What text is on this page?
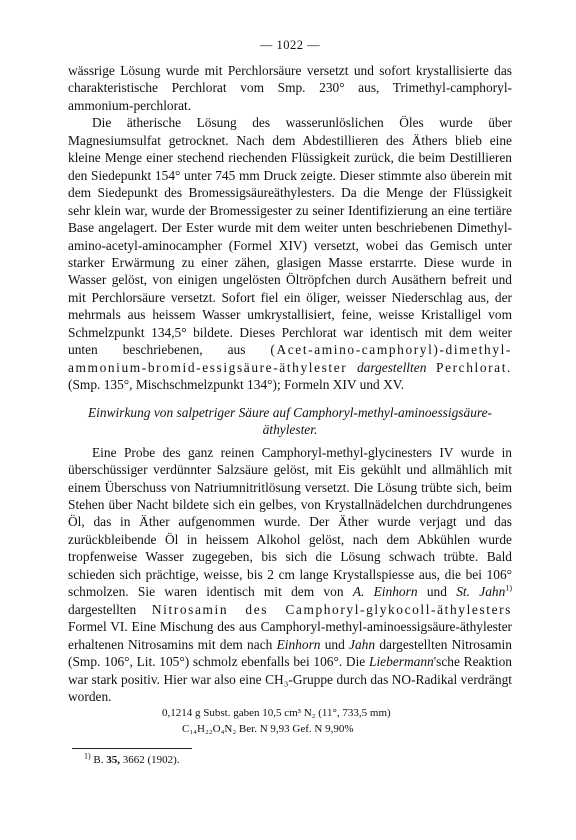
— 1022 —

wässrige Lösung wurde mit Perchlorsäure versetzt und sofort krystallisierte das charakteristische Perchlorat vom Smp. 230° aus, Trimethyl-camphoryl-ammonium-perchlorat.

Die ätherische Lösung des wasserunlöslichen Öles wurde über Magnesiumsulfat getrocknet. Nach dem Abdestillieren des Äthers blieb eine kleine Menge einer stechend riechenden Flüssigkeit zurück, die beim Destillieren den Siedepunkt 154° unter 745 mm Druck zeigte. Dieser stimmte also überein mit dem Siedepunkt des Bromessigsäureäthylesters. Da die Menge der Flüssigkeit sehr klein war, wurde der Bromessigester zu seiner Identifizierung an eine tertiäre Base angelagert. Der Ester wurde mit dem weiter unten beschriebenen Dimethyl-amino-acetyl-aminocampher (Formel XIV) versetzt, wobei das Gemisch unter starker Erwärmung zu einer zähen, glasigen Masse erstarrte. Diese wurde in Wasser gelöst, von einigen ungelösten Öltröpfchen durch Ausäthern befreit und mit Perchlorsäure versetzt. Sofort fiel ein öliger, weisser Niederschlag aus, der mehrmals aus heissem Wasser umkrystallisiert, feine, weisse Kristalligel vom Schmelzpunkt 134,5° bildete. Dieses Perchlorat war identisch mit dem weiter unten beschriebenen, aus (Acet-amino-camphoryl)-dimethyl-ammonium-bromid-essigsäure-äthylester dargestellten Perchlorat. (Smp. 135°, Mischschmelzpunkt 134°); Formeln XIV und XV.

Einwirkung von salpetriger Säure auf Camphoryl-methyl-aminoessigsäure-äthylester.

Eine Probe des ganz reinen Camphoryl-methyl-glycinesters IV wurde in überschüssiger verdünnter Salzsäure gelöst, mit Eis gekühlt und allmählich mit einem Überschuss von Natriumnitritlösung versetzt. Die Lösung trübte sich, beim Stehen über Nacht bildete sich ein gelbes, von Krystallnädelchen durchdrungenes Öl, das in Äther aufgenommen wurde. Der Äther wurde verjagt und das zurückbleibende Öl in heissem Alkohol gelöst, nach dem Abkühlen wurde tropfenweise Wasser zugegeben, bis sich die Lösung schwach trübte. Bald schieden sich prächtige, weisse, bis 2 cm lange Krystallspiesse aus, die bei 106° schmolzen. Sie waren identisch mit dem von A. Einhorn und St. Jahn$^{1)}$ dargestellten Nitrosamin des Camphoryl-glykocoll-äthylesters Formel VI. Eine Mischung des aus Camphoryl-methyl-aminoessigsäure-äthylester erhaltenen Nitrosamins mit dem nach Einhorn und Jahn dargestellten Nitrosamin (Smp. 106°, Lit. 105°) schmolz ebenfalls bei 106°. Die Liebermann'sche Reaktion war stark positiv. Hier war also eine CH₃-Gruppe durch das NO-Radikal verdrängt worden.

0,1214 g Subst. gaben 10,5 cm³ N₂ (11°, 733,5 mm)
C₁₄H₂₂O₄N₂ Ber. N 9,93 Gef. N 9,90%
$^{1)}$ B. 35, 3662 (1902).
